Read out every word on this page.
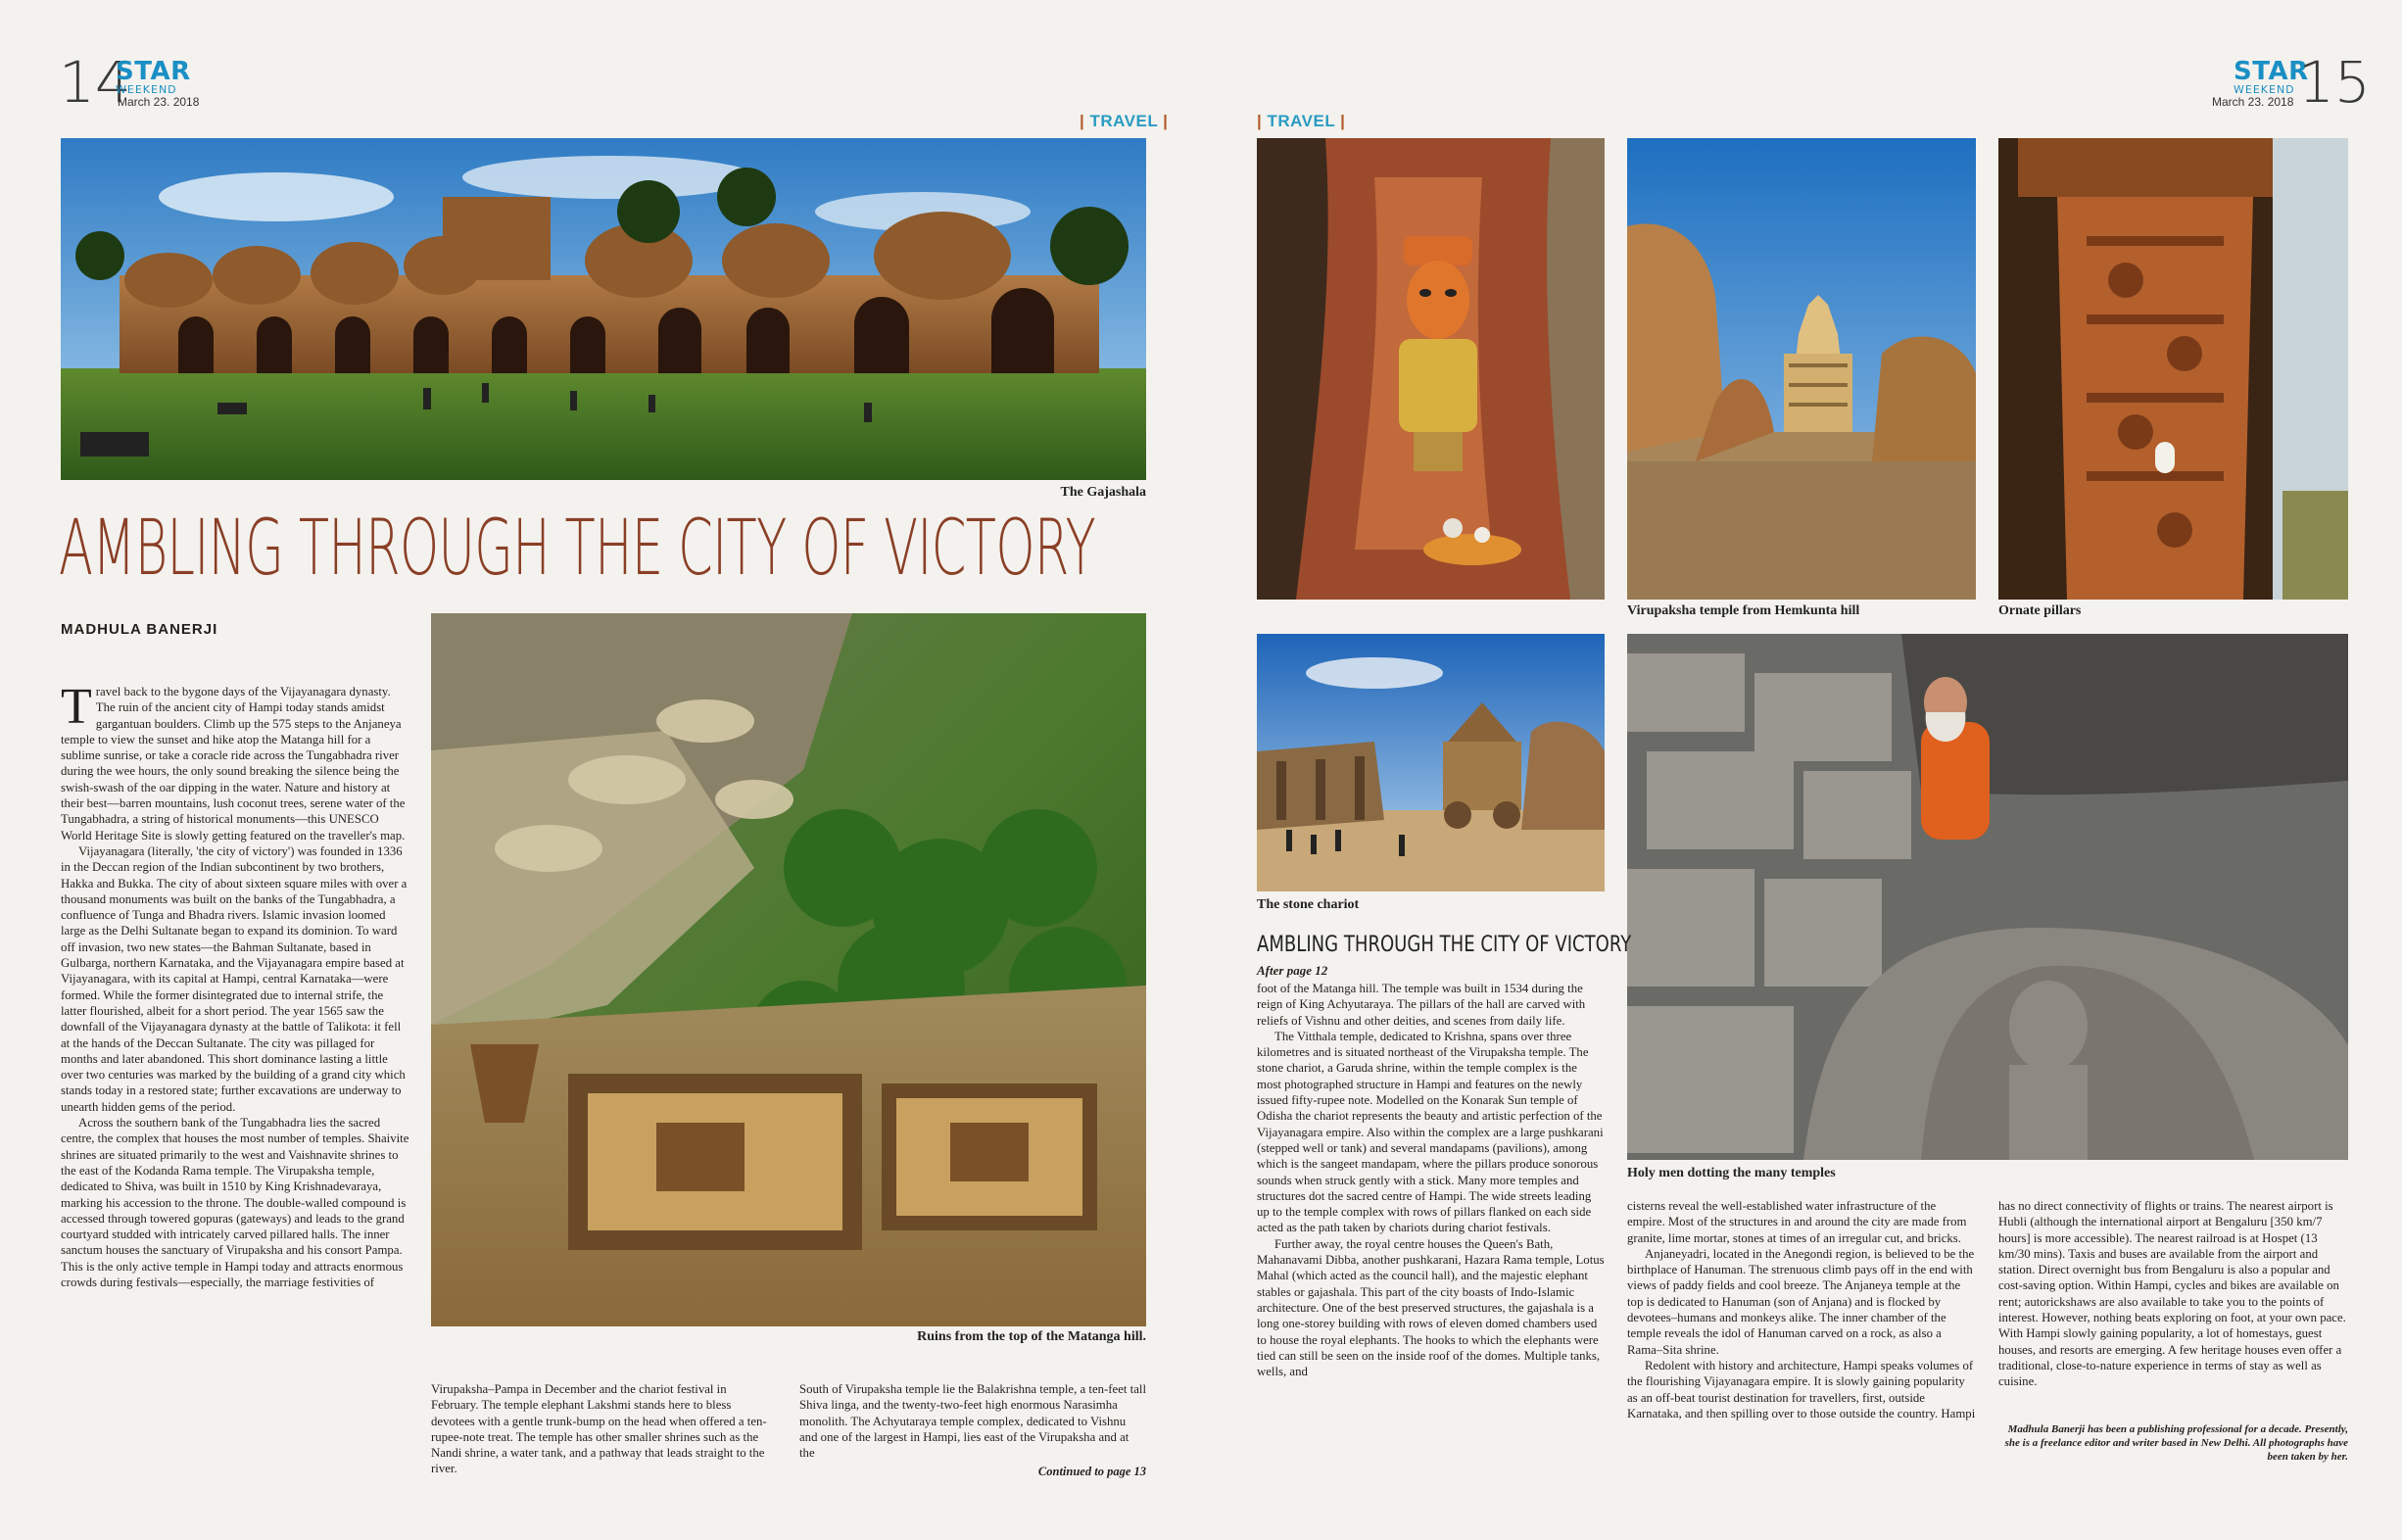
14
STAR
WEEKEND
March 23. 2018
| TRAVEL |
The Gajashala
AMBLING THROUGH THE CITY OF VICTORY
MADHULA BANERJI
Ruins from the top of the Matanga hill.

Travel back to the bygone days of the Vijayanagara dynasty. The ruin of the ancient city of Hampi today stands amidst gargantuan boulders. Climb up the 575 steps to the Anjaneya temple to view the sunset and hike atop the Matanga hill for a sublime sunrise, or take a coracle ride across the Tungabhadra river during the wee hours, the only sound breaking the silence being the swish-swash of the oar dipping in the water. Nature and history at their best—barren mountains, lush coconut trees, serene water of the Tungabhadra, a string of historical monuments—this UNESCO World Heritage Site is slowly getting featured on the traveller's map.

Vijayanagara (literally, 'the city of victory') was founded in 1336 in the Deccan region of the Indian subcontinent by two brothers, Hakka and Bukka. The city of about sixteen square miles with over a thousand monuments was built on the banks of the Tungabhadra, a confluence of Tunga and Bhadra rivers. Islamic invasion loomed large as the Delhi Sultanate began to expand its dominion. To ward off invasion, two new states—the Bahman Sultanate, based in Gulbarga, northern Karnataka, and the Vijayanagara empire based at Vijayanagara, with its capital at Hampi, central Karnataka—were formed. While the former disintegrated due to internal strife, the latter flourished, albeit for a short period. The year 1565 saw the downfall of the Vijayanagara dynasty at the battle of Talikota: it fell at the hands of the Deccan Sultanate. The city was pillaged for months and later abandoned. This short dominance lasting a little over two centuries was marked by the building of a grand city which stands today in a restored state; further excavations are underway to unearth hidden gems of the period.

Across the southern bank of the Tungabhadra lies the sacred centre, the complex that houses the most number of temples. Shaivite shrines are situated primarily to the west and Vaishnavite shrines to the east of the Kodanda Rama temple. The Virupaksha temple, dedicated to Shiva, was built in 1510 by King Krishnadevaraya, marking his accession to the throne. The double-walled compound is accessed through towered gopuras (gateways) and leads to the grand courtyard studded with intricately carved pillared halls. The inner sanctum houses the sanctuary of Virupaksha and his consort Pampa. This is the only active temple in Hampi today and attracts enormous crowds during festivals—especially, the marriage festivities of

Virupaksha–Pampa in December and the chariot festival in February. The temple elephant Lakshmi stands here to bless devotees with a gentle trunk-bump on the head when offered a ten-rupee-note treat. The temple has other smaller shrines such as the Nandi shrine, a water tank, and a pathway that leads straight to the river.

South of Virupaksha temple lie the Balakrishna temple, a ten-feet tall Shiva linga, and the twenty-two-feet high enormous Narasimha monolith. The Achyutaraya temple complex, dedicated to Vishnu and one of the largest in Hampi, lies east of the Virupaksha and at the

Continued to page 13
STAR
WEEKEND
March 23. 2018 15
| TRAVEL |
Virupaksha temple from Hemkunta hill	Ornate pillars
The stone chariot
Holy men dotting the many temples
AMBLING THROUGH THE CITY OF VICTORY
After page 12

foot of the Matanga hill. The temple was built in 1534 during the reign of King Achyutaraya. The pillars of the hall are carved with reliefs of Vishnu and other deities, and scenes from daily life.

The Vitthala temple, dedicated to Krishna, spans over three kilometres and is situated northeast of the Virupaksha temple. The stone chariot, a Garuda shrine, within the temple complex is the most photographed structure in Hampi and features on the newly issued fifty-rupee note. Modelled on the Konarak Sun temple of Odisha the chariot represents the beauty and artistic perfection of the Vijayanagara empire. Also within the complex are a large pushkarani (stepped well or tank) and several mandapams (pavilions), among which is the sangeet mandapam, where the pillars produce sonorous sounds when struck gently with a stick. Many more temples and structures dot the sacred centre of Hampi. The wide streets leading up to the temple complex with rows of pillars flanked on each side acted as the path taken by chariots during chariot festivals.

Further away, the royal centre houses the Queen's Bath, Mahanavami Dibba, another pushkarani, Hazara Rama temple, Lotus Mahal (which acted as the council hall), and the majestic elephant stables or gajashala. This part of the city boasts of Indo-Islamic architecture. One of the best preserved structures, the gajashala is a long one-storey building with rows of eleven domed chambers used to house the royal elephants. The hooks to which the elephants were tied can still be seen on the inside roof of the domes. Multiple tanks, wells, and

cisterns reveal the well-established water infrastructure of the empire. Most of the structures in and around the city are made from granite, lime mortar, stones at times of an irregular cut, and bricks.

Anjaneyadri, located in the Anegondi region, is believed to be the birthplace of Hanuman. The strenuous climb pays off in the end with views of paddy fields and cool breeze. The Anjaneya temple at the top is dedicated to Hanuman (son of Anjana) and is flocked by devotees–humans and monkeys alike. The inner chamber of the temple reveals the idol of Hanuman carved on a rock, as also a Rama–Sita shrine.

Redolent with history and architecture, Hampi speaks volumes of the flourishing Vijayanagara empire. It is slowly gaining popularity as an off-beat tourist destination for travellers, first, outside Karnataka, and then spilling over to those outside the country. Hampi

has no direct connectivity of flights or trains. The nearest airport is Hubli (although the international airport at Bengaluru [350 km/7 hours] is more accessible). The nearest railroad is at Hospet (13 km/30 mins). Taxis and buses are available from the airport and station. Direct overnight bus from Bengaluru is also a popular and cost-saving option. Within Hampi, cycles and bikes are available on rent; autorickshaws are also available to take you to the points of interest. However, nothing beats exploring on foot, at your own pace. With Hampi slowly gaining popularity, a lot of homestays, guest houses, and resorts are emerging. A few heritage houses even offer a traditional, close-to-nature experience in terms of stay as well as cuisine.

Madhula Banerji has been a publishing professional for a decade. Presently, she is a freelance editor and writer based in New Delhi. All photographs have been taken by her.
